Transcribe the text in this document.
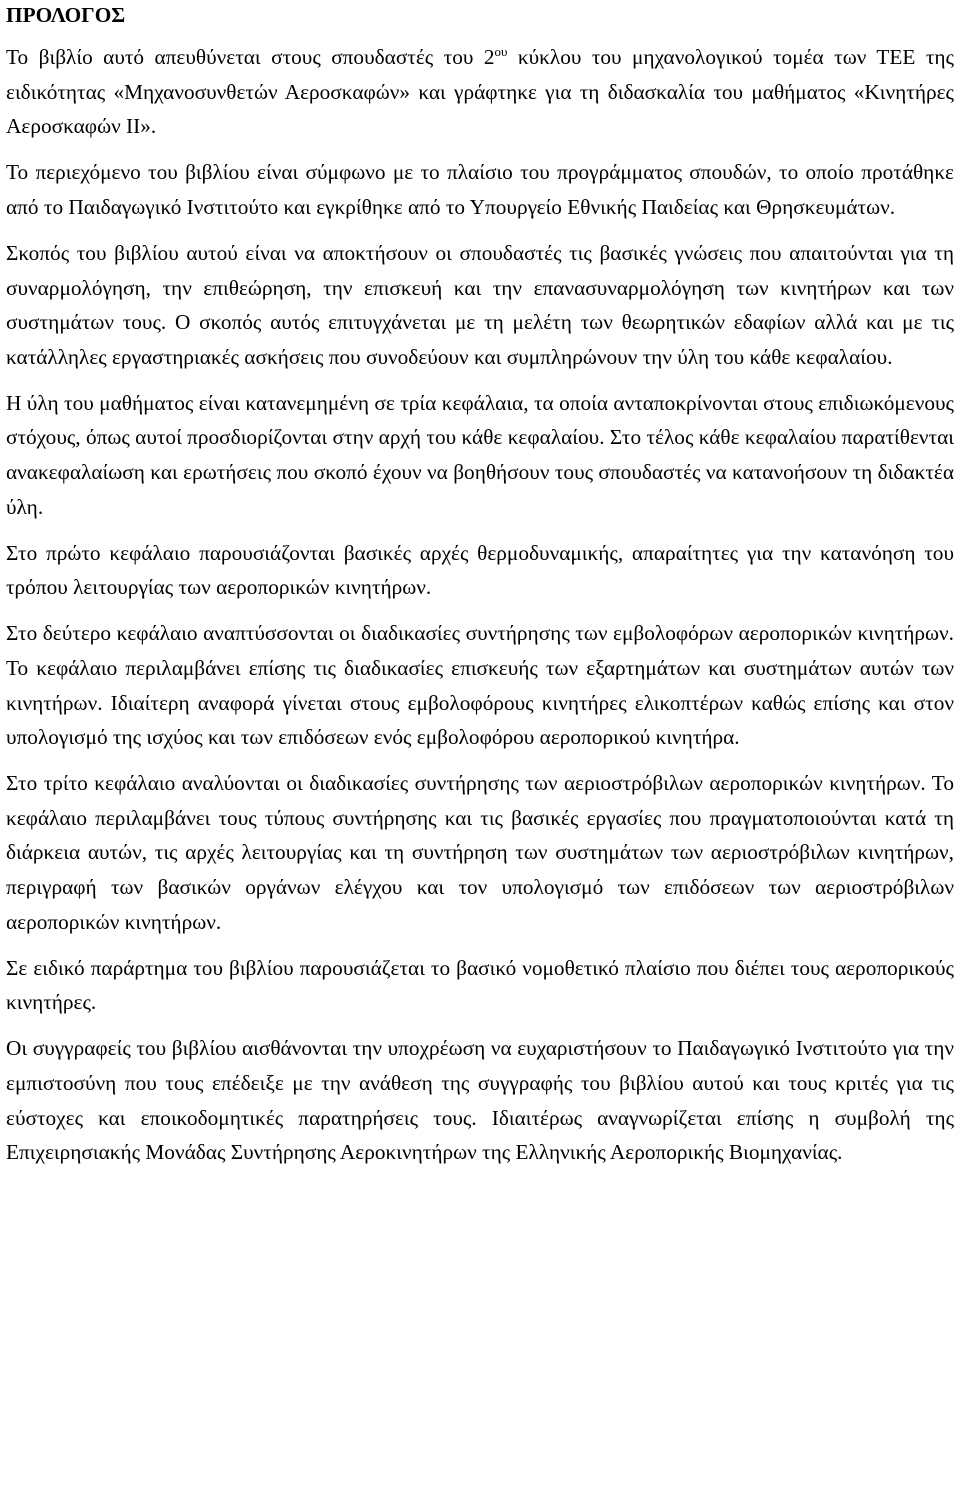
ΠΡΟΛΟΓΟΣ

Το βιβλίο αυτό απευθύνεται στους σπουδαστές του $2^{o\upsilon}$ κύκλου του μηχανολογικού τομέα των ΤΕΕ της ειδικότητας «Μηχανοσυνθετών Αεροσκαφών» και γράφτηκε για τη διδασκαλία του μαθήματος «Κινητήρες Αεροσκαφών ΙΙ».

Το περιεχόμενο του βιβλίου είναι σύμφωνο με το πλαίσιο του προγράμματος σπουδών, το οποίο προτάθηκε από το Παιδαγωγικό Ινστιτούτο και εγκρίθηκε από το Υπουργείο Εθνικής Παιδείας και Θρησκευμάτων.

Σκοπός του βιβλίου αυτού είναι να αποκτήσουν οι σπουδαστές τις βασικές γνώσεις που απαιτούνται για τη συναρμολόγηση, την επιθεώρηση, την επισκευή και την επανασυναρμολόγηση των κινητήρων και των συστημάτων τους. Ο σκοπός αυτός επιτυγχάνεται με τη μελέτη των θεωρητικών εδαφίων αλλά και με τις κατάλληλες εργαστηριακές ασκήσεις που συνοδεύουν και συμπληρώνουν την ύλη του κάθε κεφαλαίου.

Η ύλη του μαθήματος είναι κατανεμημένη σε τρία κεφάλαια, τα οποία ανταποκρίνονται στους επιδιωκόμενους στόχους, όπως αυτοί προσδιορίζονται στην αρχή του κάθε κεφαλαίου. Στο τέλος κάθε κεφαλαίου παρατίθενται ανακεφαλαίωση και ερωτήσεις που σκοπό έχουν να βοηθήσουν τους σπουδαστές να κατανοήσουν τη διδακτέα ύλη.

Στο πρώτο κεφάλαιο παρουσιάζονται βασικές αρχές θερμοδυναμικής, απαραίτητες για την κατανόηση του τρόπου λειτουργίας των αεροπορικών κινητήρων.

Στο δεύτερο κεφάλαιο αναπτύσσονται οι διαδικασίες συντήρησης των εμβολοφόρων αεροπορικών κινητήρων. Το κεφάλαιο περιλαμβάνει επίσης τις διαδικασίες επισκευής των εξαρτημάτων και συστημάτων αυτών των κινητήρων. Ιδιαίτερη αναφορά γίνεται στους εμβολοφόρους κινητήρες ελικοπτέρων καθώς επίσης και στον υπολογισμό της ισχύος και των επιδόσεων ενός εμβολοφόρου αεροπορικού κινητήρα.

Στο τρίτο κεφάλαιο αναλύονται οι διαδικασίες συντήρησης των αεριοστρόβιλων αεροπορικών κινητήρων. Το κεφάλαιο περιλαμβάνει τους τύπους συντήρησης και τις βασικές εργασίες που πραγματοποιούνται κατά τη διάρκεια αυτών, τις αρχές λειτουργίας και τη συντήρηση των συστημάτων των αεριοστρόβιλων κινητήρων, περιγραφή των βασικών οργάνων ελέγχου και τον υπολογισμό των επιδόσεων των αεριοστρόβιλων αεροπορικών κινητήρων.

Σε ειδικό παράρτημα του βιβλίου παρουσιάζεται το βασικό νομοθετικό πλαίσιο που διέπει τους αεροπορικούς κινητήρες.

Οι συγγραφείς του βιβλίου αισθάνονται την υποχρέωση να ευχαριστήσουν το Παιδαγωγικό Ινστιτούτο για την εμπιστοσύνη που τους επέδειξε με την ανάθεση της συγγραφής του βιβλίου αυτού και τους κριτές για τις εύστοχες και εποικοδομητικές παρατηρήσεις τους. Ιδιαιτέρως αναγνωρίζεται επίσης η συμβολή της Επιχειρησιακής Μονάδας Συντήρησης Αεροκινητήρων της Ελληνικής Αεροπορικής Βιομηχανίας.
